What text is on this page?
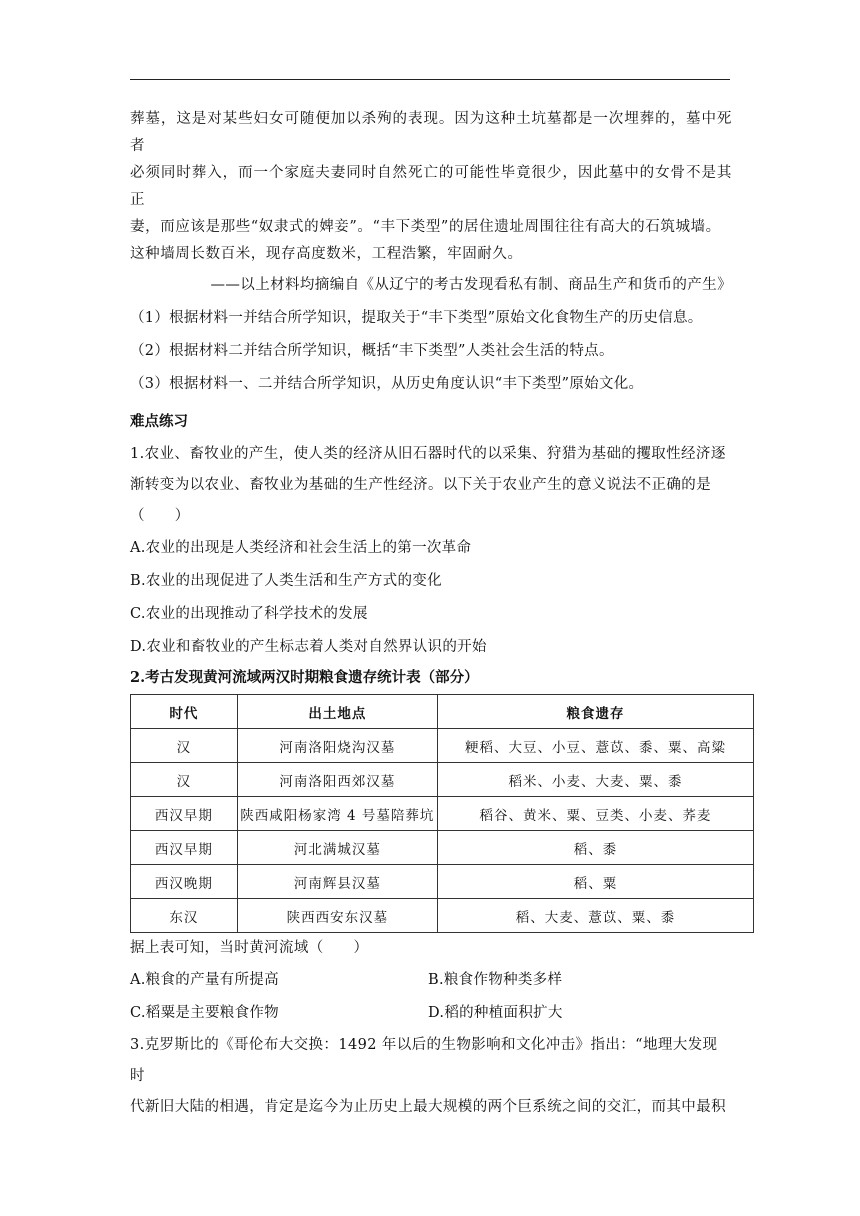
葬墓，这是对某些妇女可随便加以杀殉的表现。因为这种土坑墓都是一次埋葬的，墓中死者

必须同时葬入，而一个家庭夫妻同时自然死亡的可能性毕竟很少，因此墓中的女骨不是其正

妻，而应该是那些“奴隶式的婢妾”。“丰下类型”的居住遗址周围往往有高大的石筑城墙。

这种墙周长数百米，现存高度数米，工程浩繁，牢固耐久。

——以上材料均摘编自《从辽宁的考古发现看私有制、商品生产和货币的产生》

（1）根据材料一并结合所学知识，提取关于“丰下类型”原始文化食物生产的历史信息。

（2）根据材料二并结合所学知识，概括“丰下类型”人类社会生活的特点。

（3）根据材料一、二并结合所学知识，从历史角度认识“丰下类型”原始文化。

难点练习

1.农业、畜牧业的产生，使人类的经济从旧石器时代的以采集、狩猎为基础的攫取性经济逐

渐转变为以农业、畜牧业为基础的生产性经济。以下关于农业产生的意义说法不正确的是

（　　）

A.农业的出现是人类经济和社会生活上的第一次革命

B.农业的出现促进了人类生活和生产方式的变化

C.农业的出现推动了科学技术的发展

D.农业和畜牧业的产生标志着人类对自然界认识的开始

2.考古发现黄河流域两汉时期粮食遗存统计表（部分）

时代	出土地点	粮食遗存
汉	河南洛阳烧沟汉墓	粳稻、大豆、小豆、薏苡、黍、粟、高粱
汉	河南洛阳西郊汉墓	稻米、小麦、大麦、粟、黍
西汉早期	陕西咸阳杨家湾 4 号墓陪葬坑	稻谷、黄米、粟、豆类、小麦、荞麦
西汉早期	河北满城汉墓	稻、黍
西汉晚期	河南辉县汉墓	稻、粟
东汉	陕西西安东汉墓	稻、大麦、薏苡、粟、黍

据上表可知，当时黄河流域（　　）

A.粮食的产量有所提高	B.粮食作物种类多样

C.稻粟是主要粮食作物	D.稻的种植面积扩大

3.克罗斯比的《哥伦布大交换：1492 年以后的生物影响和文化冲击》指出：“地理大发现时

代新旧大陆的相遇，肯定是迄今为止历史上最大规模的两个巨系统之间的交汇，而其中最积
